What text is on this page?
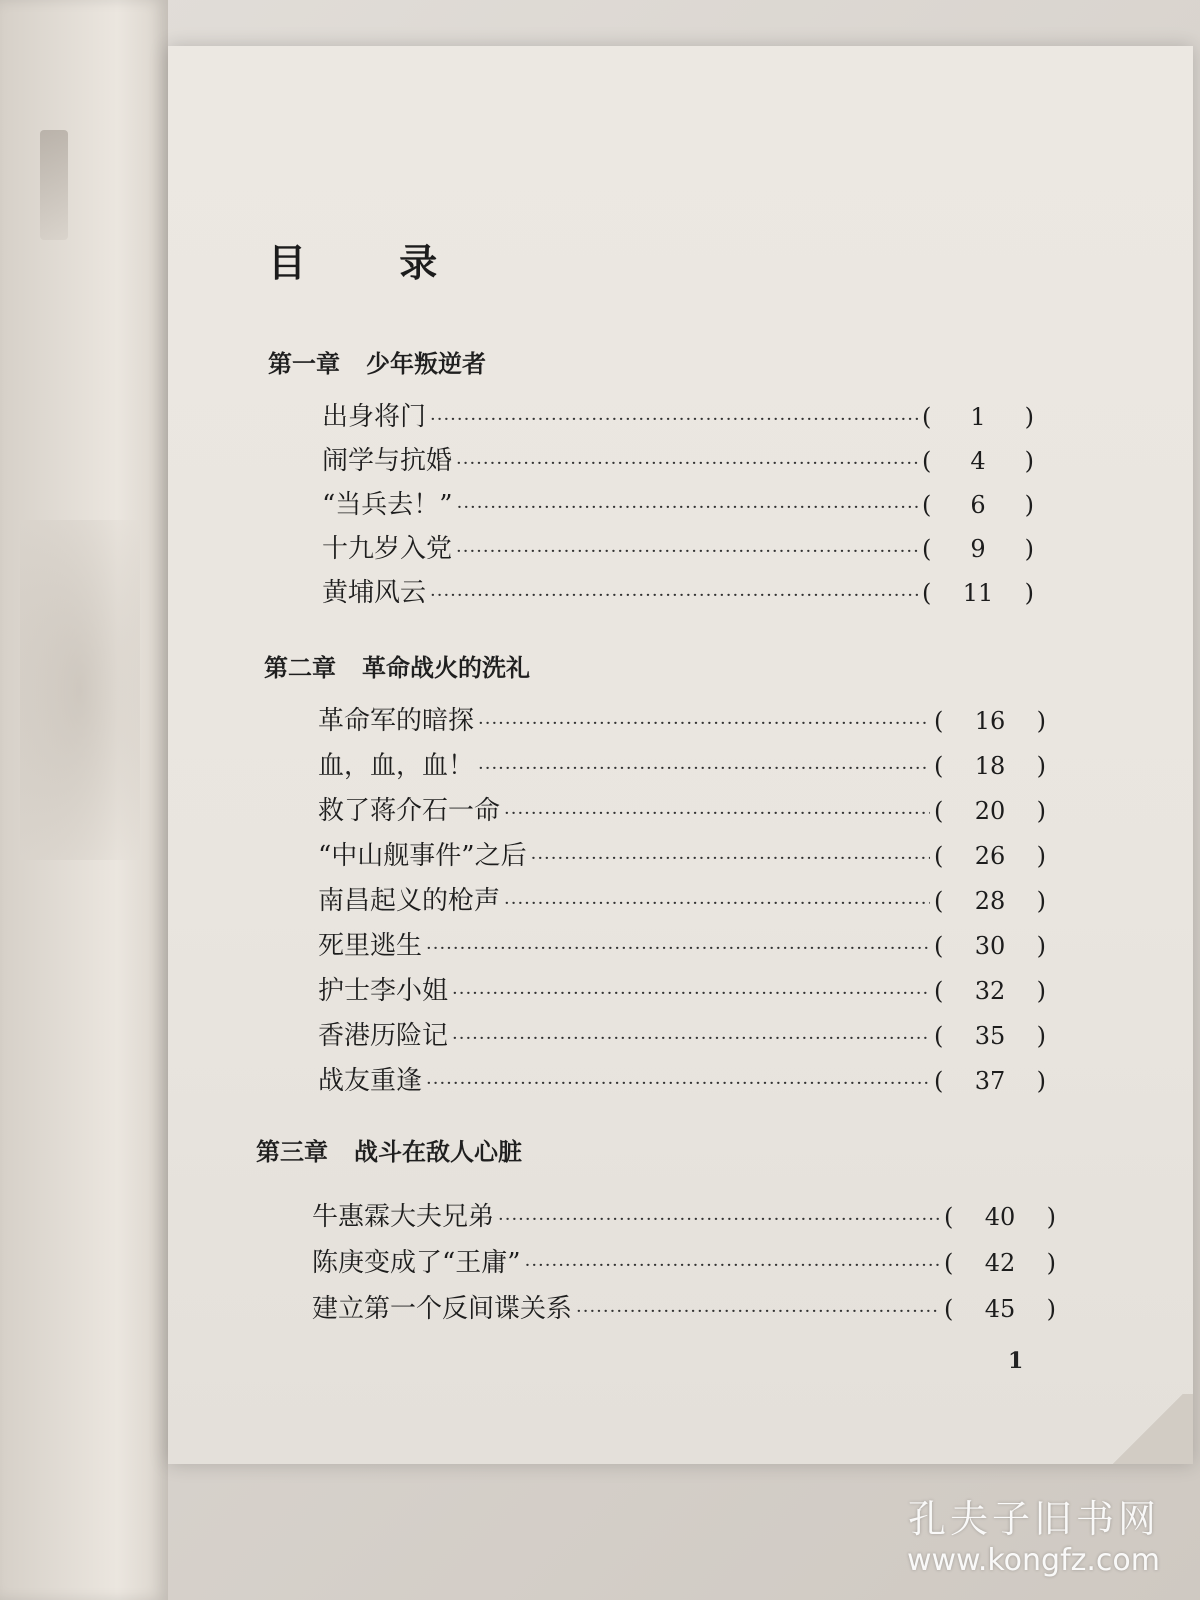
目 录
第一章 少年叛逆者
出身将门 ·····	(	1	)
闹学与抗婚 ·····	(	4	)
“当兵去！” ·····	(	6	)
十九岁入党 ·····	(	9	)
黄埔风云 ·····	(	11	)
第二章 革命战火的洗礼
革命军的暗探 ·····	(	16	)
血，血，血！ ·····	(	18	)
救了蒋介石一命 ·····	(	20	)
“中山舰事件”之后 ·····	(	26	)
南昌起义的枪声 ·····	(	28	)
死里逃生 ·····	(	30	)
护士李小姐 ·····	(	32	)
香港历险记 ·····	(	35	)
战友重逢 ·····	(	37	)
第三章 战斗在敌人心脏
牛惠霖大夫兄弟 ·····	(	40	)
陈庚变成了“王庸” ·····	(	42	)
建立第一个反间谍关系 ·····	(	45	)
1
孔夫子旧书网
www.kongfz.com
